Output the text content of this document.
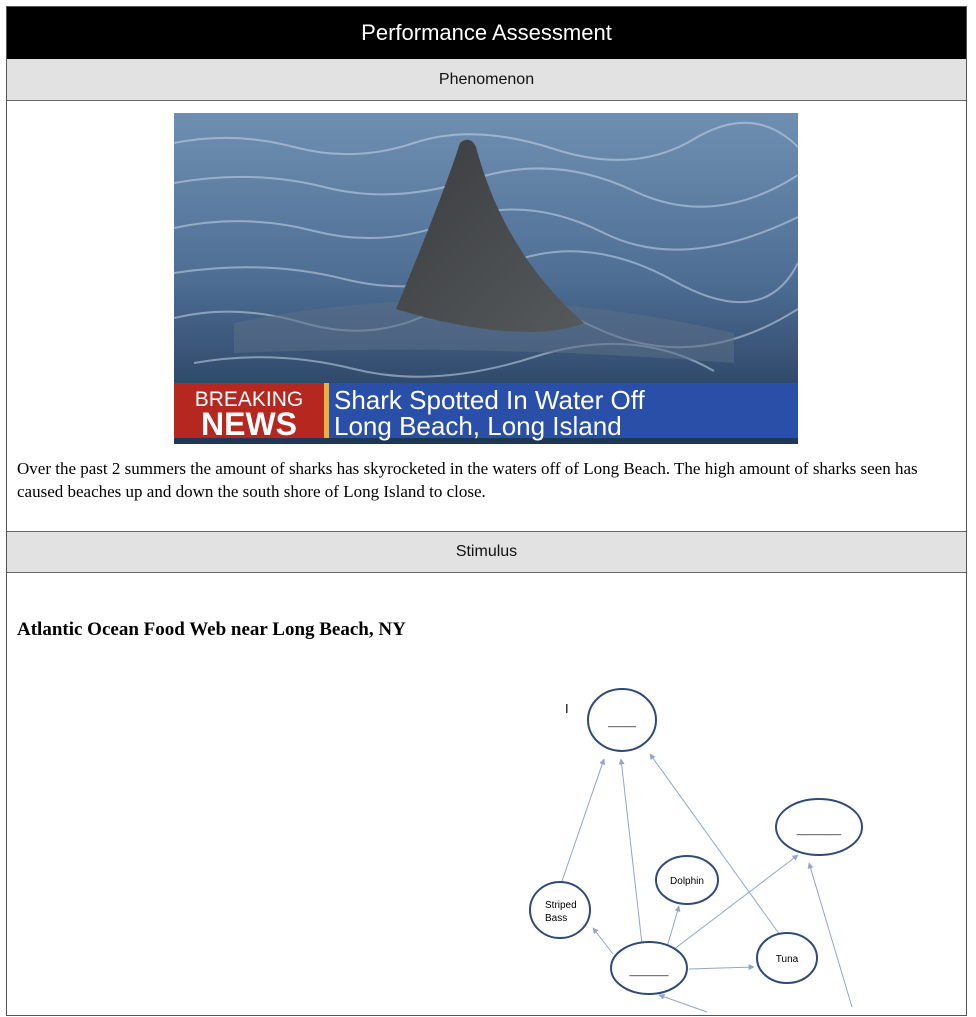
Performance Assessment
Phenomenon
BREAKING
NEWS
Shark Spotted In Water Off
Long Beach, Long Island

Over the past 2 summers the amount of sharks has skyrocketed in the waters off of Long Beach. The high amount of sharks seen has caused beaches up and down the south shore of Long Island to close.

Stimulus
Atlantic Ocean Food Web near Long Beach, NY
I
_____
________
Dolphin
Striped
Bass
_______
Tuna
